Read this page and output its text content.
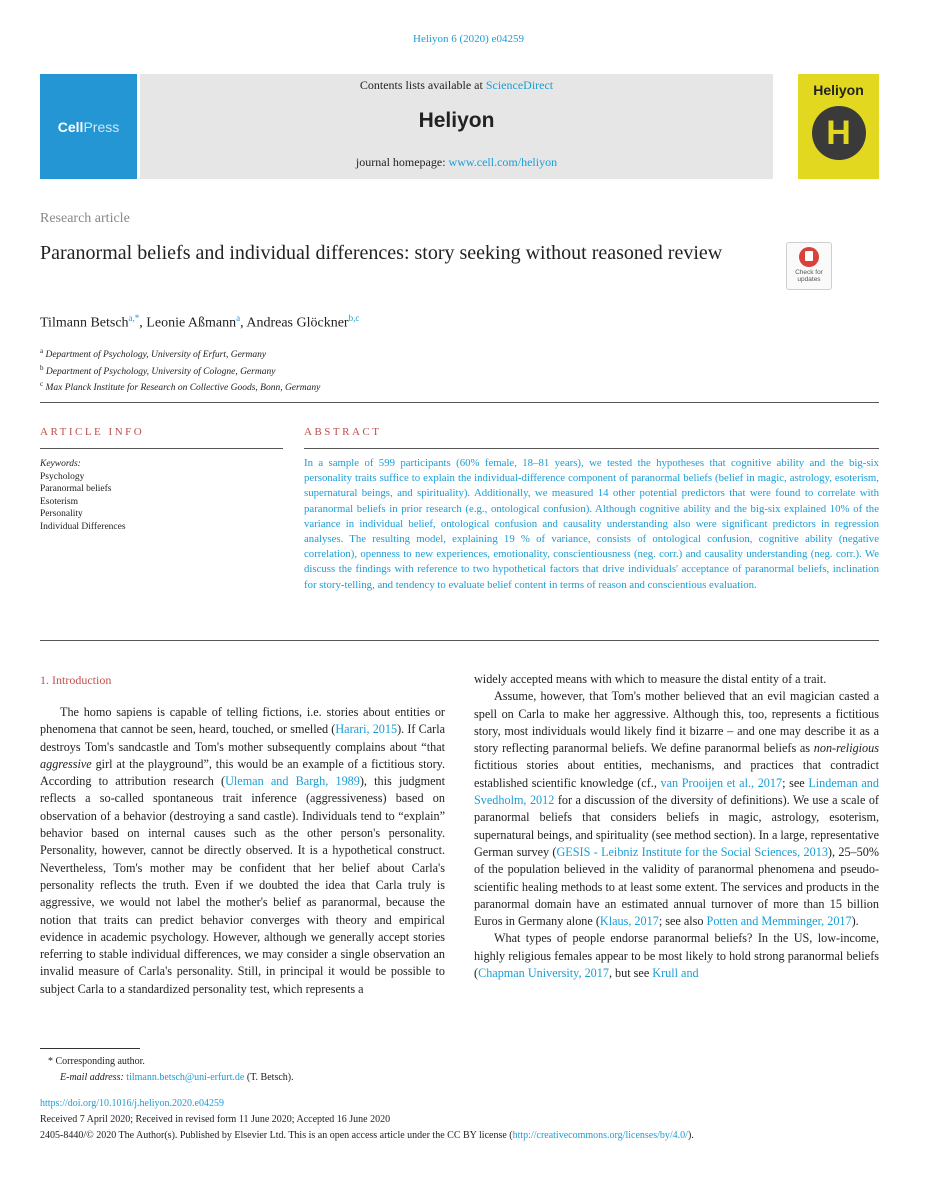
Heliyon 6 (2020) e04259
Cell Press
Contents lists available at ScienceDirect
Heliyon
journal homepage: www.cell.com/heliyon
Heliyon
H
Research article
Paranormal beliefs and individual differences: story seeking without reasoned review
Check for
updates
Tilmann Betsch$^{a,*}$, Leonie Aßmann$^a$, Andreas Glöckner$^{b,c}$
$^a$ Department of Psychology, University of Erfurt, Germany
$^b$ Department of Psychology, University of Cologne, Germany
$^c$ Max Planck Institute for Research on Collective Goods, Bonn, Germany
ARTICLE INFO	ABSTRACT
Keywords:
Psychology
Paranormal beliefs
Esoterism
Personality
Individual Differences
In a sample of 599 participants (60% female, 18–81 years), we tested the hypotheses that cognitive ability and the big-six personality traits suffice to explain the individual-difference component of paranormal beliefs (belief in magic, astrology, esoterism, supernatural beings, and spirituality). Additionally, we measured 14 other potential predictors that were found to correlate with paranormal beliefs in prior research (e.g., ontological confusion). Although cognitive ability and the big-six explained 10% of the variance in individual belief, ontological confusion and causality understanding also were significant predictors in regression analyses. The resulting model, explaining 19 % of variance, consists of ontological confusion, cognitive ability (negative correlation), openness to new experiences, emotionality, conscientiousness (neg. corr.) and causality understanding (neg. corr.). We discuss the findings with reference to two hypothetical factors that drive individuals' acceptance of paranormal beliefs, inclination for story-telling, and tendency to evaluate belief content in terms of reason and conscientious evaluation.
1. Introduction

The homo sapiens is capable of telling fictions, i.e. stories about entities or phenomena that cannot be seen, heard, touched, or smelled (Harari, 2015). If Carla destroys Tom's sandcastle and Tom's mother subsequently complains about “that aggressive girl at the playground”, this would be an example of a fictitious story. According to attribution research (Uleman and Bargh, 1989), this judgment reflects a so-called spontaneous trait inference (aggressiveness) based on observation of a behavior (destroying a sand castle). Individuals tend to “explain” behavior based on internal causes such as the other person's personality. Personality, however, cannot be directly observed. It is a hypothetical construct. Nevertheless, Tom's mother may be confident that her belief about Carla's personality reflects the truth. Even if we doubted the idea that Carla truly is aggressive, we would not label the mother's belief as paranormal, because the notion that traits can predict behavior converges with theory and empirical evidence in academic psychology. However, although we generally accept stories referring to stable individual differences, we may consider a single observation an invalid measure of Carla's personality. Still, in principal it would be possible to subject Carla to a standardized personality test, which represents a

widely accepted means with which to measure the distal entity of a trait.

Assume, however, that Tom's mother believed that an evil magician casted a spell on Carla to make her aggressive. Although this, too, represents a fictitious story, most individuals would likely find it bizarre – and one may describe it as a story reflecting paranormal beliefs. We define paranormal beliefs as non-religious fictitious stories about entities, mechanisms, and practices that contradict established scientific knowledge (cf., van Prooijen et al., 2017; see Lindeman and Svedholm, 2012 for a discussion of the diversity of definitions). We use a scale of paranormal beliefs that considers beliefs in magic, astrology, esoterism, supernatural beings, and spirituality (see method section). In a large, representative German survey (GESIS - Leibniz Institute for the Social Sciences, 2013), 25–50% of the population believed in the validity of paranormal phenomena and pseudo-scientific healing methods to at least some extent. The services and products in the paranormal domain have an estimated annual turnover of more than 15 billion Euros in Germany alone (Klaus, 2017; see also Potten and Memminger, 2017).

What types of people endorse paranormal beliefs? In the US, low-income, highly religious females appear to be most likely to hold strong paranormal beliefs (Chapman University, 2017, but see Krull and

* Corresponding author.
E-mail address: tilmann.betsch@uni-erfurt.de (T. Betsch).
https://doi.org/10.1016/j.heliyon.2020.e04259
Received 7 April 2020; Received in revised form 11 June 2020; Accepted 16 June 2020
2405-8440/© 2020 The Author(s). Published by Elsevier Ltd. This is an open access article under the CC BY license (http://creativecommons.org/licenses/by/4.0/).
